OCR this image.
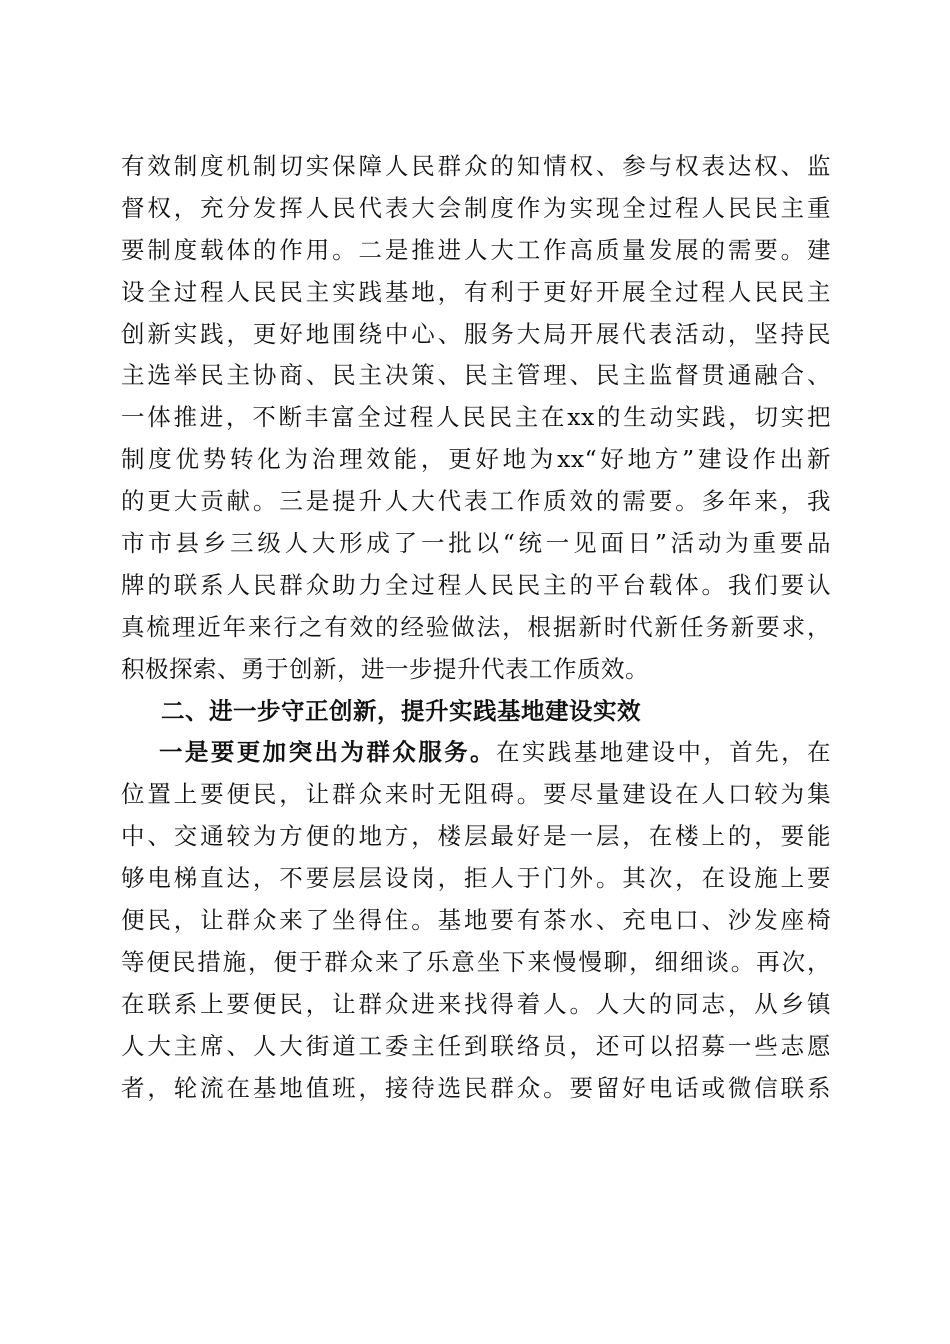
有效制度机制切实保障人民群众的知情权、参与权表达权、监
督权，充分发挥人民代表大会制度作为实现全过程人民民主重
要制度载体的作用。二是推进人大工作高质量发展的需要。建
设全过程人民民主实践基地，有利于更好开展全过程人民民主
创新实践，更好地围绕中心、服务大局开展代表活动，坚持民
主选举民主协商、民主决策、民主管理、民主监督贯通融合、
一体推进，不断丰富全过程人民民主在xx的生动实践，切实把
制度优势转化为治理效能，更好地为xx“好地方”建设作出新
的更大贡献。三是提升人大代表工作质效的需要。多年来，我
市市县乡三级人大形成了一批以“统一见面日”活动为重要品
牌的联系人民群众助力全过程人民民主的平台载体。我们要认
真梳理近年来行之有效的经验做法，根据新时代新任务新要求，
积极探索、勇于创新，进一步提升代表工作质效。
二、进一步守正创新，提升实践基地建设实效
一是要更加突出为群众服务。在实践基地建设中，首先，在
位置上要便民，让群众来时无阻碍。要尽量建设在人口较为集
中、交通较为方便的地方，楼层最好是一层，在楼上的，要能
够电梯直达，不要层层设岗，拒人于门外。其次，在设施上要
便民，让群众来了坐得住。基地要有茶水、充电口、沙发座椅
等便民措施，便于群众来了乐意坐下来慢慢聊，细细谈。再次，
在联系上要便民，让群众进来找得着人。人大的同志，从乡镇
人大主席、人大街道工委主任到联络员，还可以招募一些志愿
者，轮流在基地值班，接待选民群众。要留好电话或微信联系
